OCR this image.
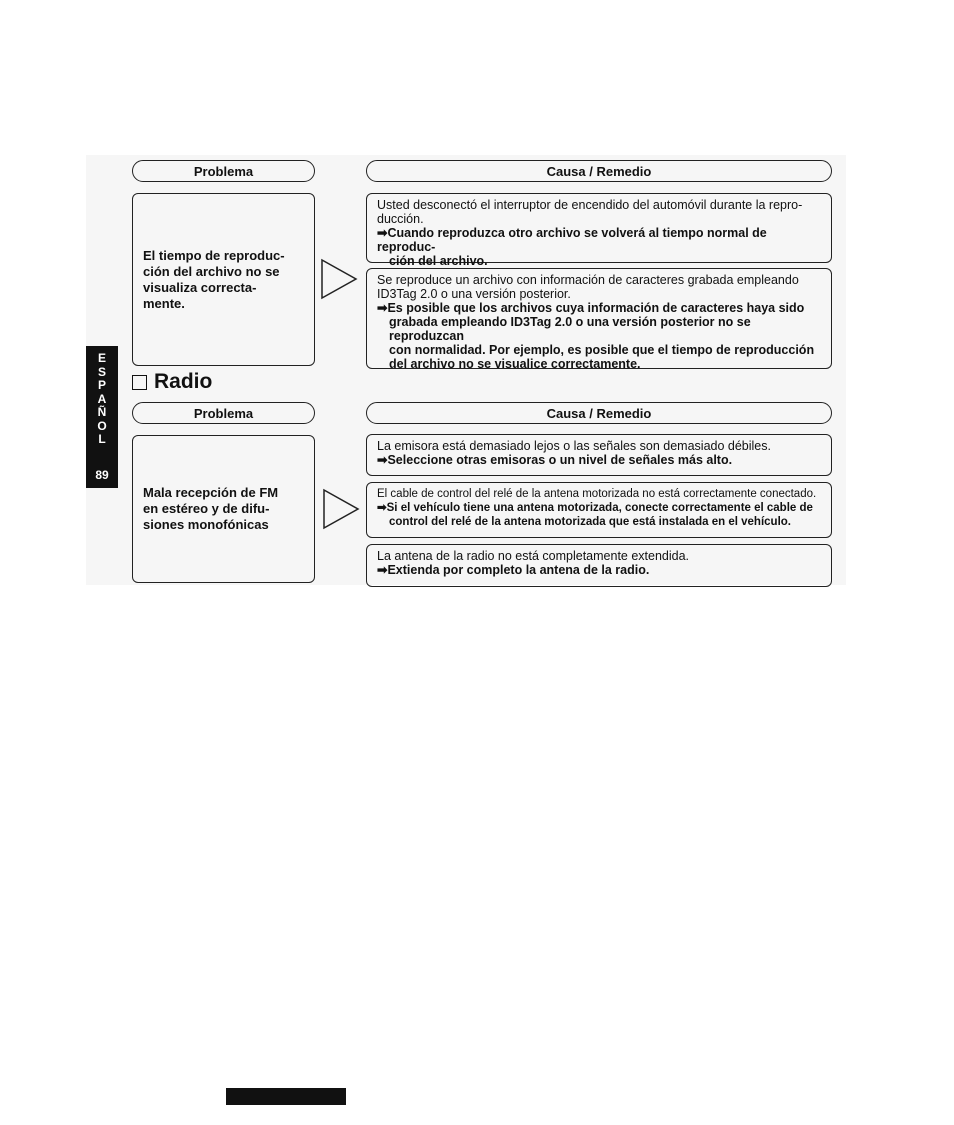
E
S
P
A
Ñ
O
L
89
Problema	Causa / Remedio
El tiempo de reproduc-
ción del archivo no se
visualiza correcta-
mente.
Usted desconectó el interruptor de encendido del automóvil durante la repro-
ducción.
➡Cuando reproduzca otro archivo se volverá al tiempo normal de reproduc-
ción del archivo.
Se reproduce un archivo con información de caracteres grabada empleando
ID3Tag 2.0 o una versión posterior.
➡Es posible que los archivos cuya información de caracteres haya sido
grabada empleando ID3Tag 2.0 o una versión posterior no se reproduzcan
con normalidad. Por ejemplo, es posible que el tiempo de reproducción
del archivo no se visualice correctamente.
Radio
Problema	Causa / Remedio
Mala recepción de FM
en estéreo y de difu-
siones monofónicas
La emisora está demasiado lejos o las señales son demasiado débiles.
➡Seleccione otras emisoras o un nivel de señales más alto.
El cable de control del relé de la antena motorizada no está correctamente conectado.
➡Si el vehículo tiene una antena motorizada, conecte correctamente el cable de
control del relé de la antena motorizada que está instalada en el vehículo.
La antena de la radio no está completamente extendida.
➡Extienda por completo la antena de la radio.
